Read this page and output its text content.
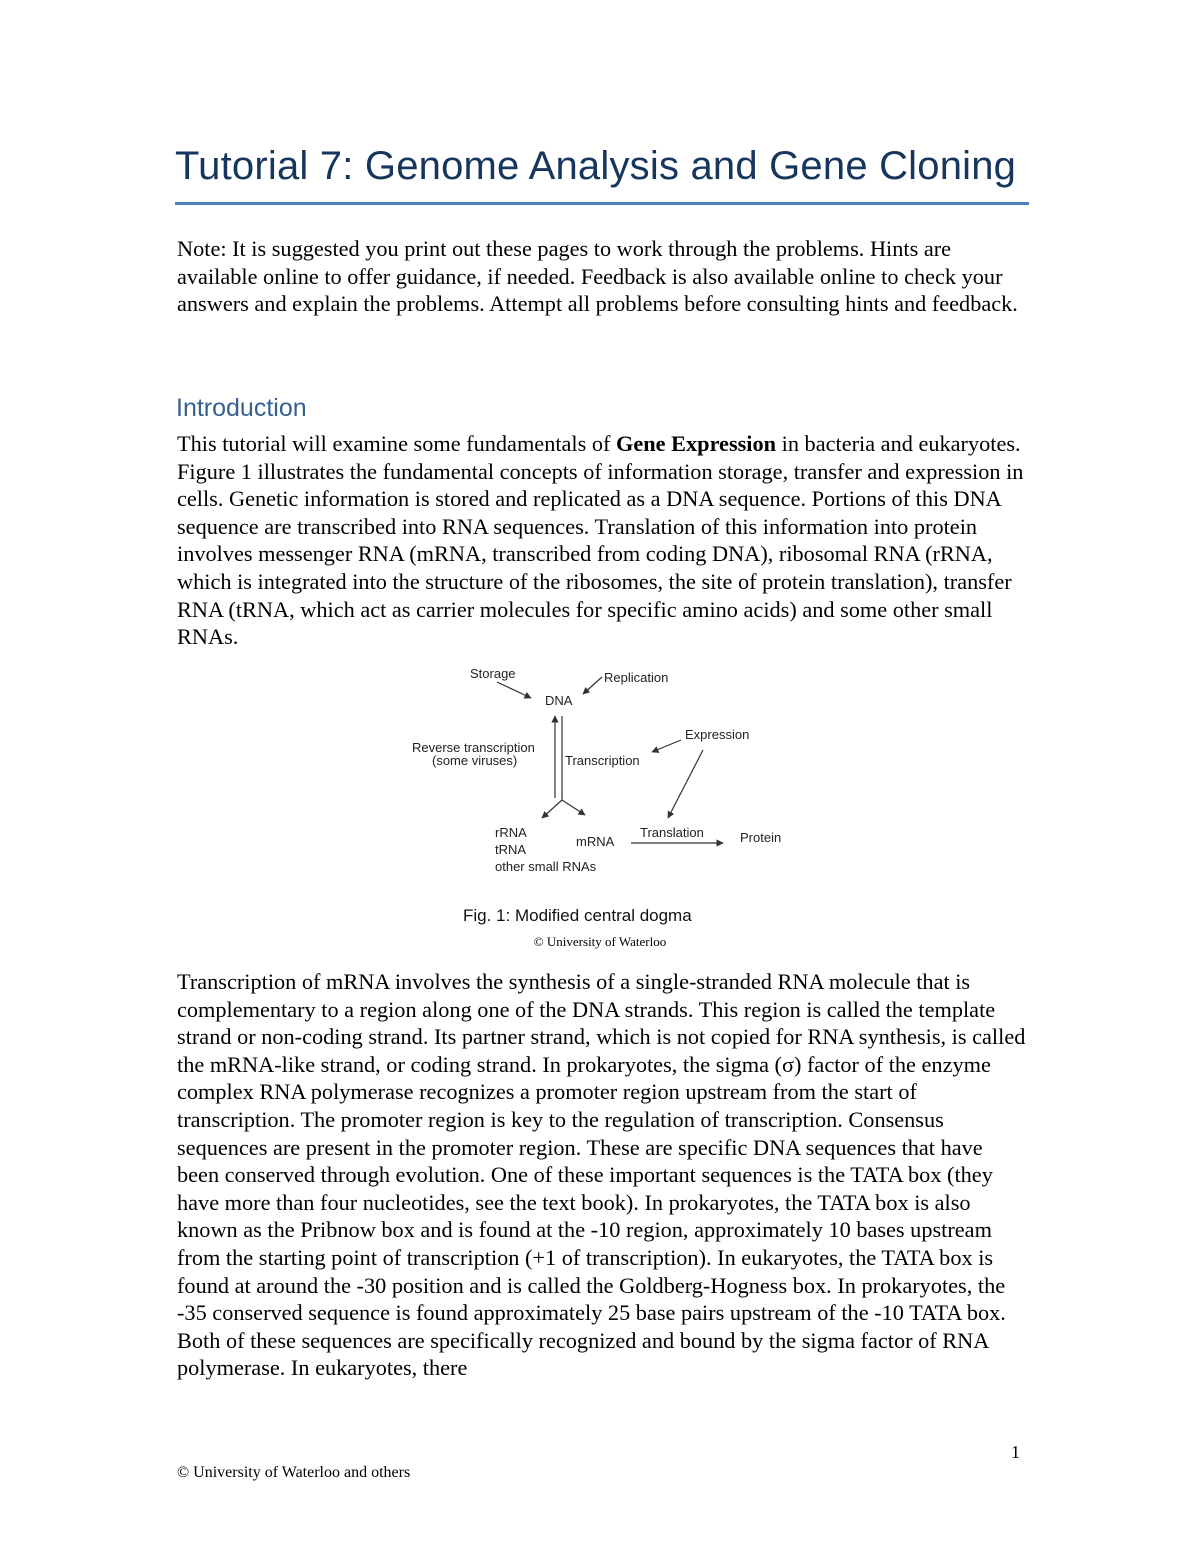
Tutorial 7: Genome Analysis and Gene Cloning

Note: It is suggested you print out these pages to work through the problems. Hints are available online to offer guidance, if needed. Feedback is also available online to check your answers and explain the problems. Attempt all problems before consulting hints and feedback.

Introduction

This tutorial will examine some fundamentals of Gene Expression in bacteria and eukaryotes. Figure 1 illustrates the fundamental concepts of information storage, transfer and expression in cells. Genetic information is stored and replicated as a DNA sequence. Portions of this DNA sequence are transcribed into RNA sequences. Translation of this information into protein involves messenger RNA (mRNA, transcribed from coding DNA), ribosomal RNA (rRNA, which is integrated into the structure of the ribosomes, the site of protein translation), transfer RNA (tRNA, which act as carrier molecules for specific amino acids) and some other small RNAs.

Storage	Replication
DNA
Reverse transcription
(some viruses)	Transcription
Expression
rRNA
tRNA
other small RNAs
mRNA
Translation	Protein
Fig. 1: Modified central dogma
© University of Waterloo

Transcription of mRNA involves the synthesis of a single-stranded RNA molecule that is complementary to a region along one of the DNA strands. This region is called the template strand or non-coding strand. Its partner strand, which is not copied for RNA synthesis, is called the mRNA-like strand, or coding strand. In prokaryotes, the sigma (σ) factor of the enzyme complex RNA polymerase recognizes a promoter region upstream from the start of transcription. The promoter region is key to the regulation of transcription. Consensus sequences are present in the promoter region. These are specific DNA sequences that have been conserved through evolution. One of these important sequences is the TATA box (they have more than four nucleotides, see the text book). In prokaryotes, the TATA box is also known as the Pribnow box and is found at the -10 region, approximately 10 bases upstream from the starting point of transcription (+1 of transcription). In eukaryotes, the TATA box is found at around the -30 position and is called the Goldberg-Hogness box. In prokaryotes, the -35 conserved sequence is found approximately 25 base pairs upstream of the -10 TATA box. Both of these sequences are specifically recognized and bound by the sigma factor of RNA polymerase. In eukaryotes, there

1
© University of Waterloo and others
